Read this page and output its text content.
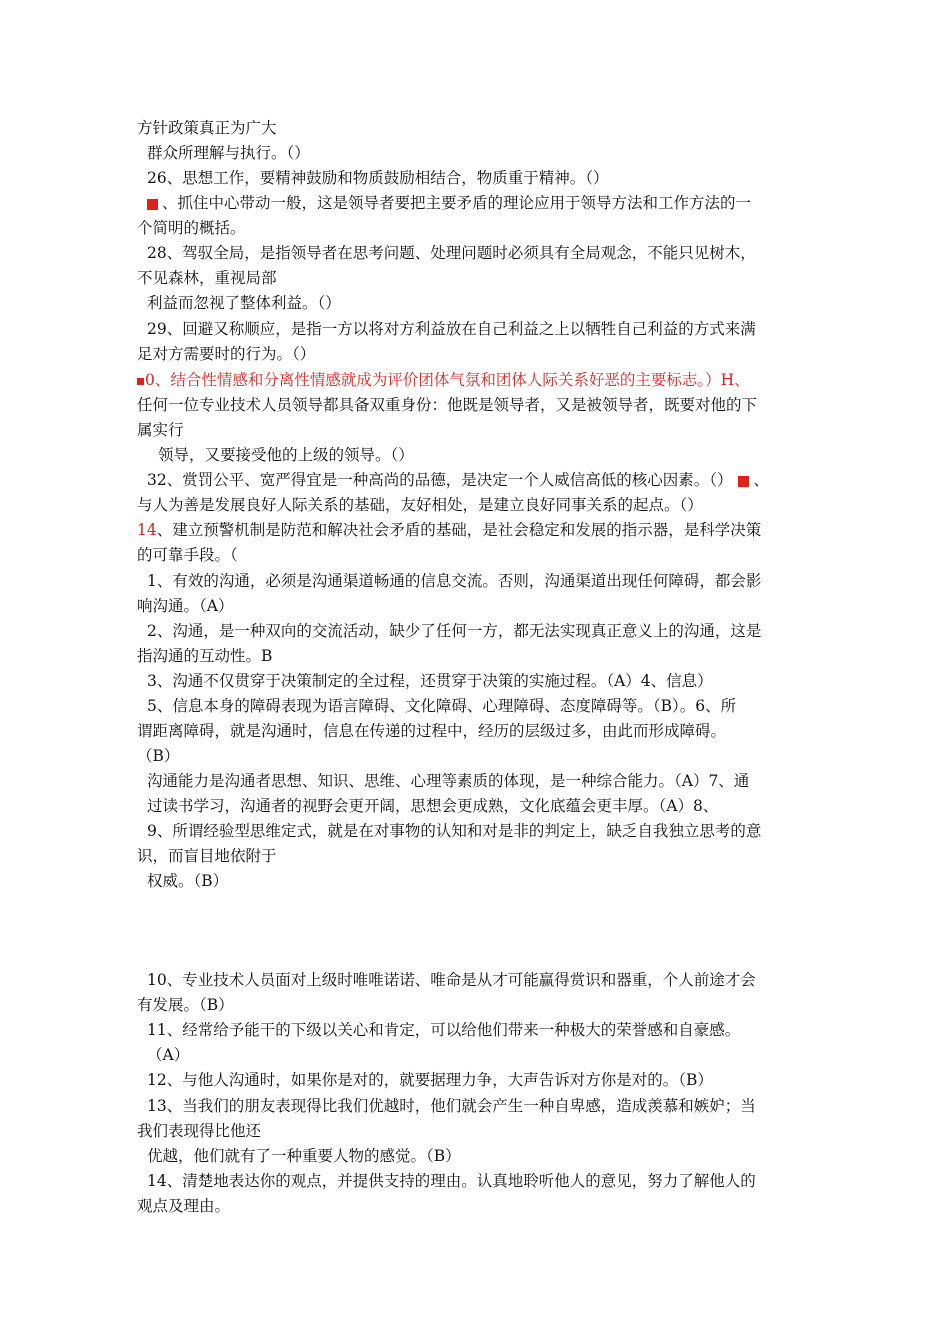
方针政策真正为广大
群众所理解与执行。（）
26、思想工作，要精神鼓励和物质鼓励相结合，物质重于精神。（）
、抓住中心带动一般，这是领导者要把主要矛盾的理论应用于领导方法和工作方法的一
个简明的概括。
28、驾驭全局，是指领导者在思考问题、处理问题时必须具有全局观念，不能只见树木，
不见森林，重视局部
利益而忽视了整体利益。（）
29、回避又称顺应，是指一方以将对方利益放在自己利益之上以牺牲自己利益的方式来满
足对方需要时的行为。（）
0、结合性情感和分离性情感就成为评价团体气氛和团体人际关系好恶的主要标志。）H、
任何一位专业技术人员领导都具备双重身份：他既是领导者，又是被领导者，既要对他的下
属实行
领导，又要接受他的上级的领导。（）
32、赏罚公平、宽严得宜是一种高尚的品德，是决定一个人威信高低的核心因素。（） 、
与人为善是发展良好人际关系的基础，友好相处，是建立良好同事关系的起点。（）
14、建立预警机制是防范和解决社会矛盾的基础，是社会稳定和发展的指示器，是科学决策
的可靠手段。（
1、有效的沟通，必须是沟通渠道畅通的信息交流。否则，沟通渠道出现任何障碍，都会影
响沟通。（A）
2、沟通，是一种双向的交流活动，缺少了任何一方，都无法实现真正意义上的沟通，这是
指沟通的互动性。B
3、沟通不仅贯穿于决策制定的全过程，还贯穿于决策的实施过程。（A）4、信息）
5、信息本身的障碍表现为语言障碍、文化障碍、心理障碍、态度障碍等。（B）。6、所
谓距离障碍，就是沟通时，信息在传递的过程中，经历的层级过多，由此而形成障碍。
（B）
沟通能力是沟通者思想、知识、思维、心理等素质的体现，是一种综合能力。（A）7、通
过读书学习，沟通者的视野会更开阔，思想会更成熟，文化底蕴会更丰厚。（A）8、
9、所谓经验型思维定式，就是在对事物的认知和对是非的判定上，缺乏自我独立思考的意
识，而盲目地依附于
权威。（B）
10、专业技术人员面对上级时唯唯诺诺、唯命是从才可能赢得赏识和器重，个人前途才会
有发展。（B）
11、经常给予能干的下级以关心和肯定，可以给他们带来一种极大的荣誉感和自豪感。
（A）
12、与他人沟通时，如果你是对的，就要据理力争，大声告诉对方你是对的。（B）
13、当我们的朋友表现得比我们优越时，他们就会产生一种自卑感，造成羡慕和嫉妒；当
我们表现得比他还
优越，他们就有了一种重要人物的感觉。（B）
14、清楚地表达你的观点，并提供支持的理由。认真地聆听他人的意见，努力了解他人的
观点及理由。
